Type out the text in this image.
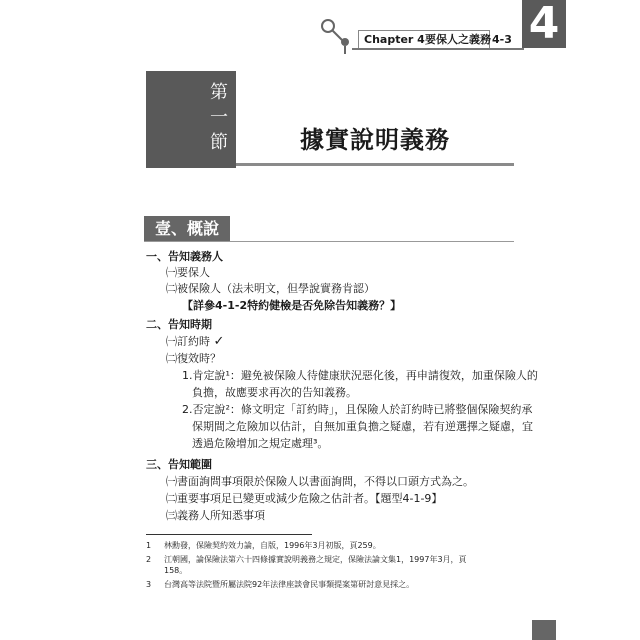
Chapter 4 要保人之義務 4-3 4
第
一
節	據實說明義務
壹、概說
一、告知義務人
㈠要保人
㈡被保險人（法未明文，但學說實務肯認）
【詳參4-1-2特約健檢是否免除告知義務？】
二、告知時期
㈠訂約時 ✓
㈡復效時？
1.肯定說¹：避免被保險人待健康狀況惡化後，再申請復效，加重保險人的
負擔，故應要求再次的告知義務。
2.否定說²：條文明定「訂約時」，且保險人於訂約時已將整個保險契約承
保期間之危險加以估計，自無加重負擔之疑慮，若有逆選擇之疑慮，宜
透過危險增加之規定處理³。
三、告知範圍
㈠書面詢問事項限於保險人以書面詢問，不得以口頭方式為之。
㈡重要事項足已變更或減少危險之估計者。【題型4-1-9】
㈢義務人所知悉事項
1 林勳發，保險契約效力論，自版，1996年3月初版，頁259。
2 江朝國，論保險法第六十四條據實說明義務之規定，保險法論文集1，1997年3月，頁
158。
3 台灣高等法院暨所屬法院92年法律座談會民事類提案第研討意見採之。
